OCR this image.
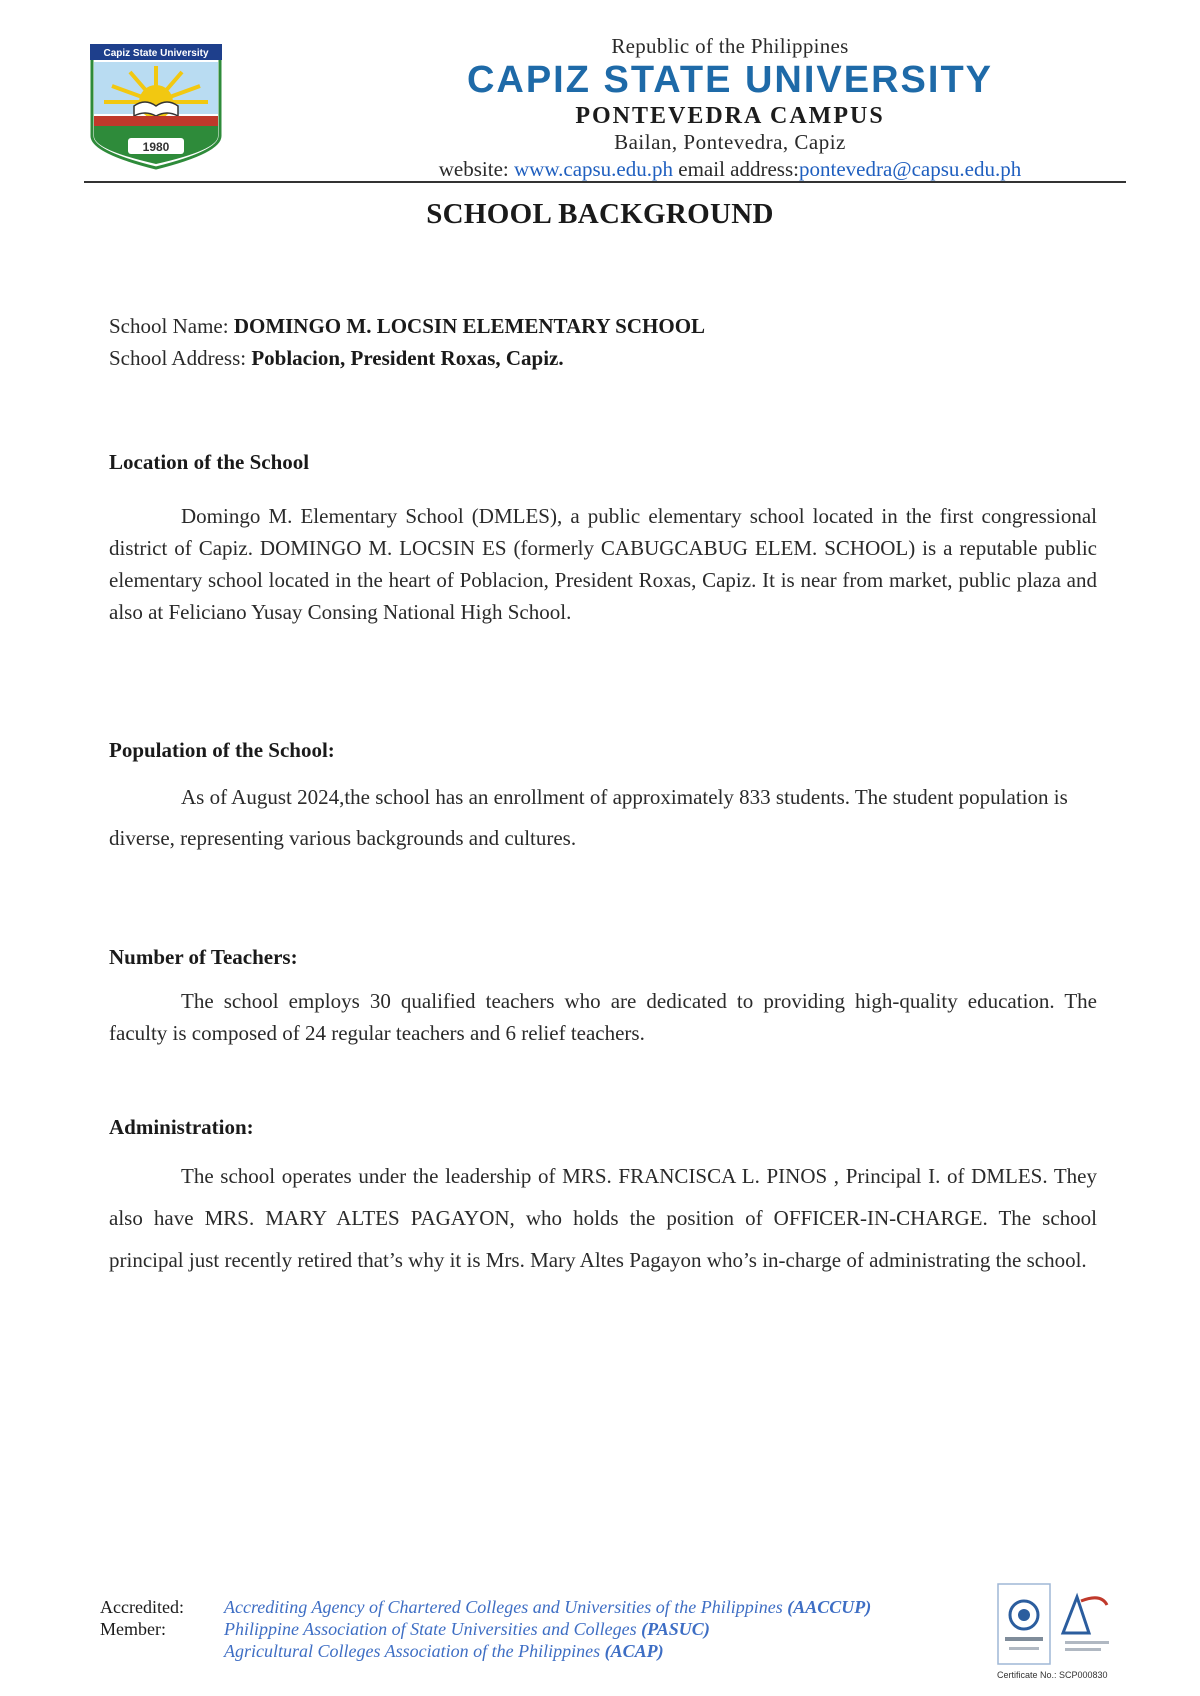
Capiz State University
1980
Republic of the Philippines
CAPIZ STATE UNIVERSITY
PONTEVEDRA CAMPUS
Bailan, Pontevedra, Capiz
website: www.capsu.edu.ph email address:pontevedra@capsu.edu.ph
SCHOOL BACKGROUND
School Name: DOMINGO M. LOCSIN ELEMENTARY SCHOOL
School Address: Poblacion, President Roxas, Capiz.
Location of the School
Domingo M. Elementary School (DMLES), a public elementary school located in the first congressional district of Capiz. DOMINGO M. LOCSIN ES (formerly CABUGCABUG ELEM. SCHOOL) is a reputable public elementary school located in the heart of Poblacion, President Roxas, Capiz. It is near from market, public plaza and also at Feliciano Yusay Consing National High School.
Population of the School:
As of August 2024,the school has an enrollment of approximately 833 students. The student population is diverse, representing various backgrounds and cultures.
Number of Teachers:
The school employs 30 qualified teachers who are dedicated to providing high-quality education. The faculty is composed of 24 regular teachers and 6 relief teachers.
Administration:
The school operates under the leadership of MRS. FRANCISCA L. PINOS , Principal I. of DMLES. They also have MRS. MARY ALTES PAGAYON, who holds the position of OFFICER-IN-CHARGE. The school principal just recently retired that’s why it is Mrs. Mary Altes Pagayon who’s in-charge of administrating the school.
Accredited:
Member:
Accrediting Agency of Chartered Colleges and Universities of the Philippines (AACCUP)
Philippine Association of State Universities and Colleges (PASUC)
Agricultural Colleges Association of the Philippines (ACAP)
Certificate No.: SCP000830
